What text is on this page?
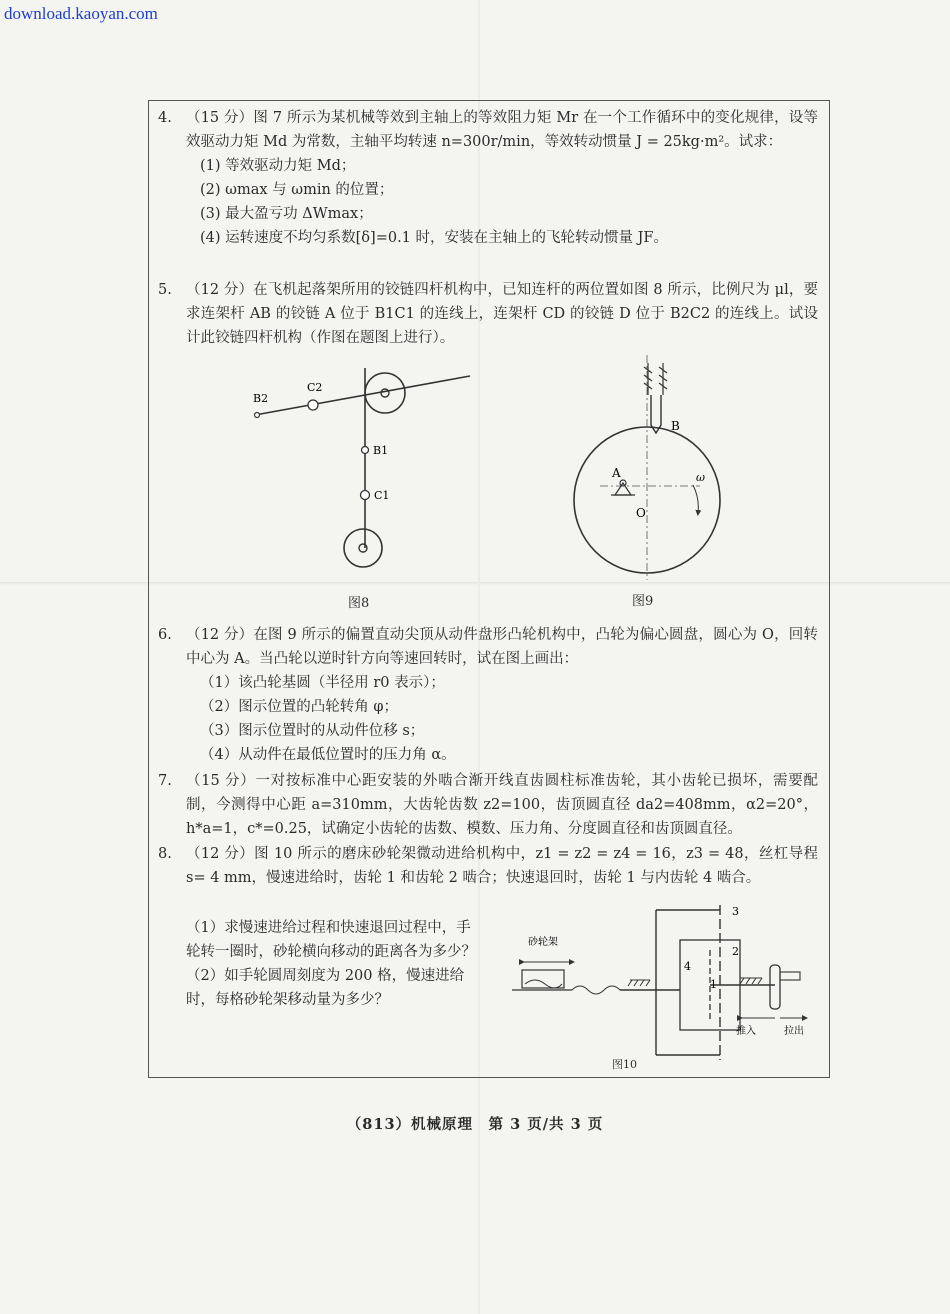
download.kaoyan.com
4. （15 分）图 7 所示为某机械等效到主轴上的等效阻力矩 Mr 在一个工作循环中的变化规律，设等效驱动力矩 Md 为常数，主轴平均转速 n=300r/min，等效转动惯量 J = 25kg·m²。试求：
(1) 等效驱动力矩 Md；
(2) ωmax 与 ωmin 的位置；
(3) 最大盈亏功 ΔWmax；
(4) 运转速度不均匀系数[δ]=0.1 时，安装在主轴上的飞轮转动惯量 JF。
5. （12 分）在飞机起落架所用的铰链四杆机构中，已知连杆的两位置如图 8 所示，比例尺为 μl，要求连架杆 AB 的铰链 A 位于 B1C1 的连线上，连架杆 CD 的铰链 D 位于 B2C2 的连线上。试设计此铰链四杆机构（作图在题图上进行）。
B2
C2
B1
C1
图8
A
B
O
ω
图9
6. （12 分）在图 9 所示的偏置直动尖顶从动件盘形凸轮机构中，凸轮为偏心圆盘，圆心为 O，回转中心为 A。当凸轮以逆时针方向等速回转时，试在图上画出：
（1）该凸轮基圆（半径用 r0 表示）；
（2）图示位置的凸轮转角 φ；
（3）图示位置时的从动件位移 s；
（4）从动件在最低位置时的压力角 α。
7. （15 分）一对按标准中心距安装的外啮合渐开线直齿圆柱标准齿轮，其小齿轮已损坏，需要配制，今测得中心距 a=310mm，大齿轮齿数 z2=100，齿顶圆直径 da2=408mm，α2=20°，h*a=1，c*=0.25，试确定小齿轮的齿数、模数、压力角、分度圆直径和齿顶圆直径。
8. （12 分）图 10 所示的磨床砂轮架微动进给机构中，z1 = z2 = z4 = 16，z3 = 48，丝杠导程 s= 4 mm，慢速进给时，齿轮 1 和齿轮 2 啮合；快速退回时，齿轮 1 与内齿轮 4 啮合。
（1）求慢速进给过程和快速退回过程中，手轮转一圈时，砂轮横向移动的距离各为多少？
（2）如手轮圆周刻度为 200 格，慢速进给时，每格砂轮架移动量为多少？
砂轮架
3
2
4
1
推入	拉出
图10
（813）机械原理　第 3 页/共 3 页
